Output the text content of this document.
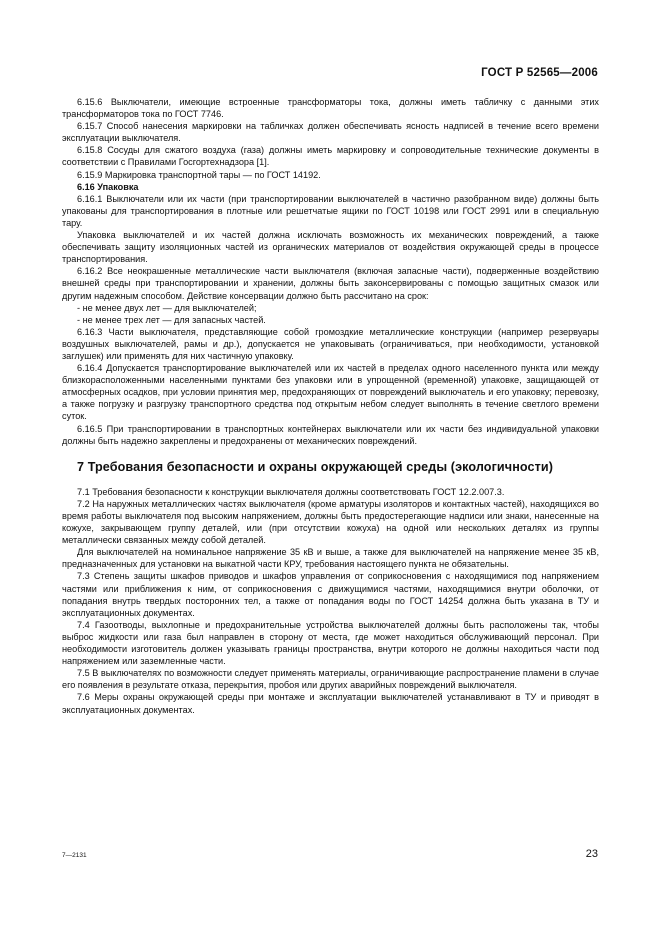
ГОСТ Р 52565—2006

6.15.6 Выключатели, имеющие встроенные трансформаторы тока, должны иметь табличку с данными этих трансформаторов тока по ГОСТ 7746.

6.15.7 Способ нанесения маркировки на табличках должен обеспечивать ясность надписей в течение всего времени эксплуатации выключателя.

6.15.8 Сосуды для сжатого воздуха (газа) должны иметь маркировку и сопроводительные технические документы в соответствии с Правилами Госгортехнадзора [1].

6.15.9 Маркировка транспортной тары — по ГОСТ 14192.

6.16 Упаковка

6.16.1 Выключатели или их части (при транспортировании выключателей в частично разобранном виде) должны быть упакованы для транспортирования в плотные или решетчатые ящики по ГОСТ 10198 или ГОСТ 2991 или в специальную тару.

Упаковка выключателей и их частей должна исключать возможность их механических повреждений, а также обеспечивать защиту изоляционных частей из органических материалов от воздействия окружающей среды в процессе транспортирования.

6.16.2 Все неокрашенные металлические части выключателя (включая запасные части), подверженные воздействию внешней среды при транспортировании и хранении, должны быть законсервированы с помощью защитных смазок или другим надежным способом. Действие консервации должно быть рассчитано на срок:

- не менее двух лет — для выключателей;

- не менее трех лет — для запасных частей.

6.16.3 Части выключателя, представляющие собой громоздкие металлические конструкции (например резервуары воздушных выключателей, рамы и др.), допускается не упаковывать (ограничиваться, при необходимости, установкой заглушек) или применять для них частичную упаковку.

6.16.4 Допускается транспортирование выключателей или их частей в пределах одного населенного пункта или между близкорасположенными населенными пунктами без упаковки или в упрощенной (временной) упаковке, защищающей от атмосферных осадков, при условии принятия мер, предохраняющих от повреждений выключатель и его упаковку; перевозку, а также погрузку и разгрузку транспортного средства под открытым небом следует выполнять в течение светлого времени суток.

6.16.5 При транспортировании в транспортных контейнерах выключатели или их части без индивидуальной упаковки должны быть надежно закреплены и предохранены от механических повреждений.

7 Требования безопасности и охраны окружающей среды (экологичности)

7.1 Требования безопасности к конструкции выключателя должны соответствовать ГОСТ 12.2.007.3.

7.2 На наружных металлических частях выключателя (кроме арматуры изоляторов и контактных частей), находящихся во время работы выключателя под высоким напряжением, должны быть предостерегающие надписи или знаки, нанесенные на кожухе, закрывающем группу деталей, или (при отсутствии кожуха) на одной или нескольких деталях из группы металлически связанных между собой деталей.

Для выключателей на номинальное напряжение 35 кВ и выше, а также для выключателей на напряжение менее 35 кВ, предназначенных для установки на выкатной части КРУ, требования настоящего пункта не обязательны.

7.3 Степень защиты шкафов приводов и шкафов управления от соприкосновения с находящимися под напряжением частями или приближения к ним, от соприкосновения с движущимися частями, находящимися внутри оболочки, от попадания внутрь твердых посторонних тел, а также от попадания воды по ГОСТ 14254 должна быть указана в ТУ и эксплуатационных документах.

7.4 Газоотводы, выхлопные и предохранительные устройства выключателей должны быть расположены так, чтобы выброс жидкости или газа был направлен в сторону от места, где может находиться обслуживающий персонал. При необходимости изготовитель должен указывать границы пространства, внутри которого не должны находиться части под напряжением или заземленные части.

7.5 В выключателях по возможности следует применять материалы, ограничивающие распространение пламени в случае его появления в результате отказа, перекрытия, пробоя или других аварийных повреждений выключателя.

7.6 Меры охраны окружающей среды при монтаже и эксплуатации выключателей устанавливают в ТУ и приводят в эксплуатационных документах.

7—2131	23
